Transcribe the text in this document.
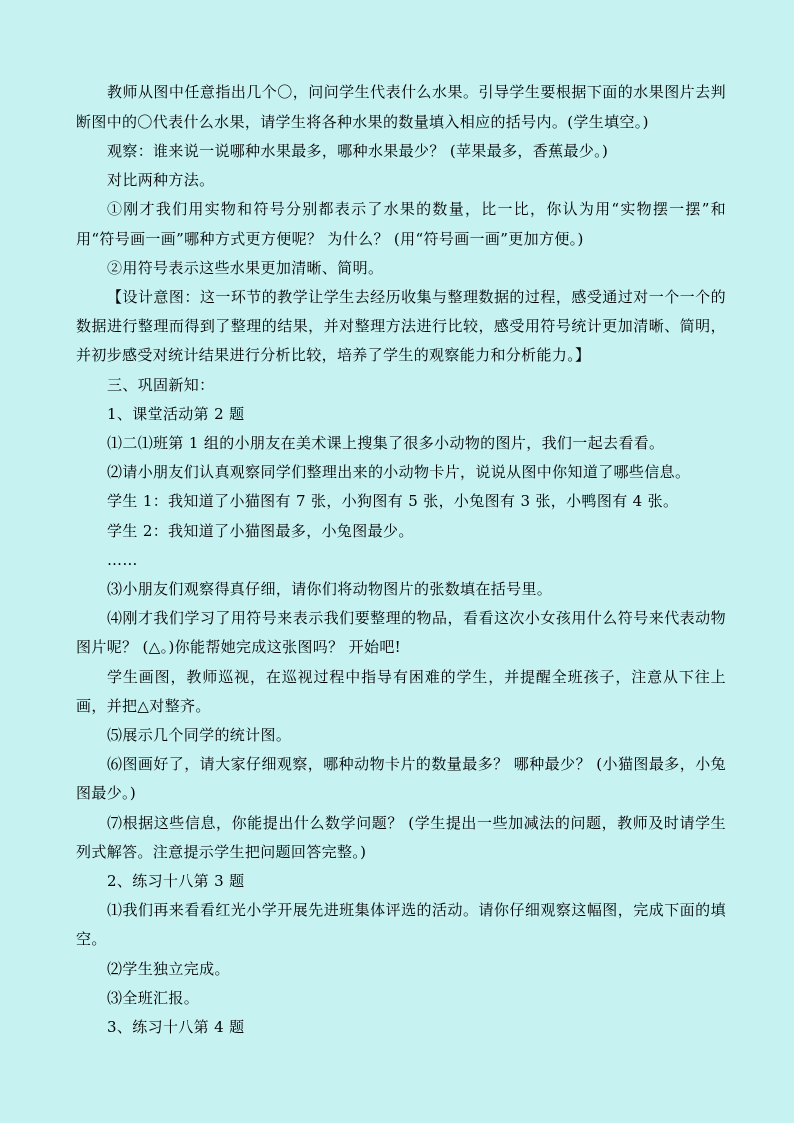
教师从图中任意指出几个〇，问问学生代表什么水果。引导学生要根据下面的水果图片去判断图中的〇代表什么水果，请学生将各种水果的数量填入相应的括号内。(学生填空。)

观察：谁来说一说哪种水果最多，哪种水果最少？ (苹果最多，香蕉最少。)

对比两种方法。

①刚才我们用实物和符号分别都表示了水果的数量，比一比，你认为用“实物摆一摆”和用“符号画一画”哪种方式更方便呢？ 为什么？ (用“符号画一画”更加方便。)

②用符号表示这些水果更加清晰、简明。

【设计意图：这一环节的教学让学生去经历收集与整理数据的过程，感受通过对一个一个的数据进行整理而得到了整理的结果，并对整理方法进行比较，感受用符号统计更加清晰、简明，并初步感受对统计结果进行分析比较，培养了学生的观察能力和分析能力。】

三、巩固新知：

1、课堂活动第 2 题

⑴二⑴班第 1 组的小朋友在美术课上搜集了很多小动物的图片，我们一起去看看。

⑵请小朋友们认真观察同学们整理出来的小动物卡片，说说从图中你知道了哪些信息。

学生 1：我知道了小猫图有 7 张，小狗图有 5 张，小兔图有 3 张，小鸭图有 4 张。

学生 2：我知道了小猫图最多，小兔图最少。

……

⑶小朋友们观察得真仔细，请你们将动物图片的张数填在括号里。

⑷刚才我们学习了用符号来表示我们要整理的物品，看看这次小女孩用什么符号来代表动物图片呢？ (△。)你能帮她完成这张图吗？ 开始吧!

学生画图，教师巡视，在巡视过程中指导有困难的学生，并提醒全班孩子，注意从下往上画，并把△对整齐。

⑸展示几个同学的统计图。

⑹图画好了，请大家仔细观察，哪种动物卡片的数量最多？ 哪种最少？ (小猫图最多，小兔图最少。)

⑺根据这些信息，你能提出什么数学问题？ (学生提出一些加减法的问题，教师及时请学生列式解答。注意提示学生把问题回答完整。)

2、练习十八第 3 题

⑴我们再来看看红光小学开展先进班集体评选的活动。请你仔细观察这幅图，完成下面的填空。

⑵学生独立完成。

⑶全班汇报。

3、练习十八第 4 题
